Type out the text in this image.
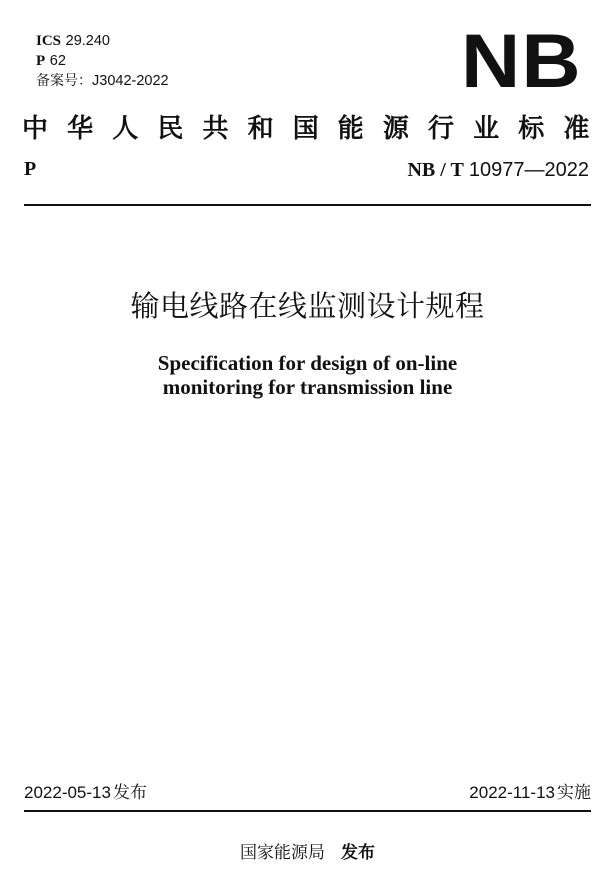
ICS 29.240
P 62
备案号：J3042-2022	NB
中华人民共和国能源行业标准
P	NB / T 10977—2022
输电线路在线监测设计规程
Specification for design of on-line
monitoring for transmission line
2022-05-13 发布	2022-11-13 实施
国家能源局 发布
